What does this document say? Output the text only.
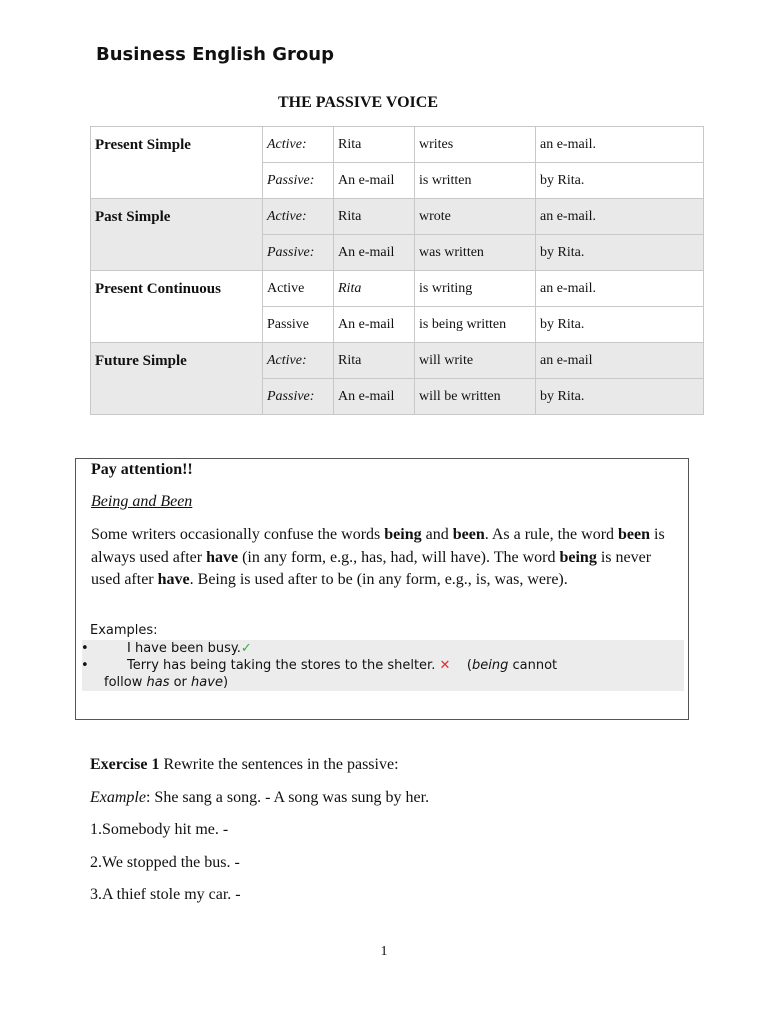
Business English Group
THE PASSIVE VOICE
Present Simple	Active:	Rita	writes	an e-mail.
	Passive:	An e-mail	is written	by Rita.
Past Simple	Active:	Rita	wrote	an e-mail.
	Passive:	An e-mail	was written	by Rita.
Present Continuous	Active	Rita	is writing	an e-mail.
	Passive	An e-mail	is being written	by Rita.
Future Simple	Active:	Rita	will write	an e-mail
	Passive:	An e-mail	will be written	by Rita.
Pay attention!!
Being and Been

Some writers occasionally confuse the words being and been. As a rule, the word been is always used after have (in any form, e.g., has, had, will have). The word being is never used after have. Being is used after to be (in any form, e.g., is, was, were).

Examples:
•	I have been busy.✓
•	Terry has being taking the stores to the shelter. ✕ (being cannot
follow has or have)
Exercise 1 Rewrite the sentences in the passive:
Example: She sang a song. - A song was sung by her.
1.Somebody hit me. -
2.We stopped the bus. -
3.A thief stole my car. -
1
